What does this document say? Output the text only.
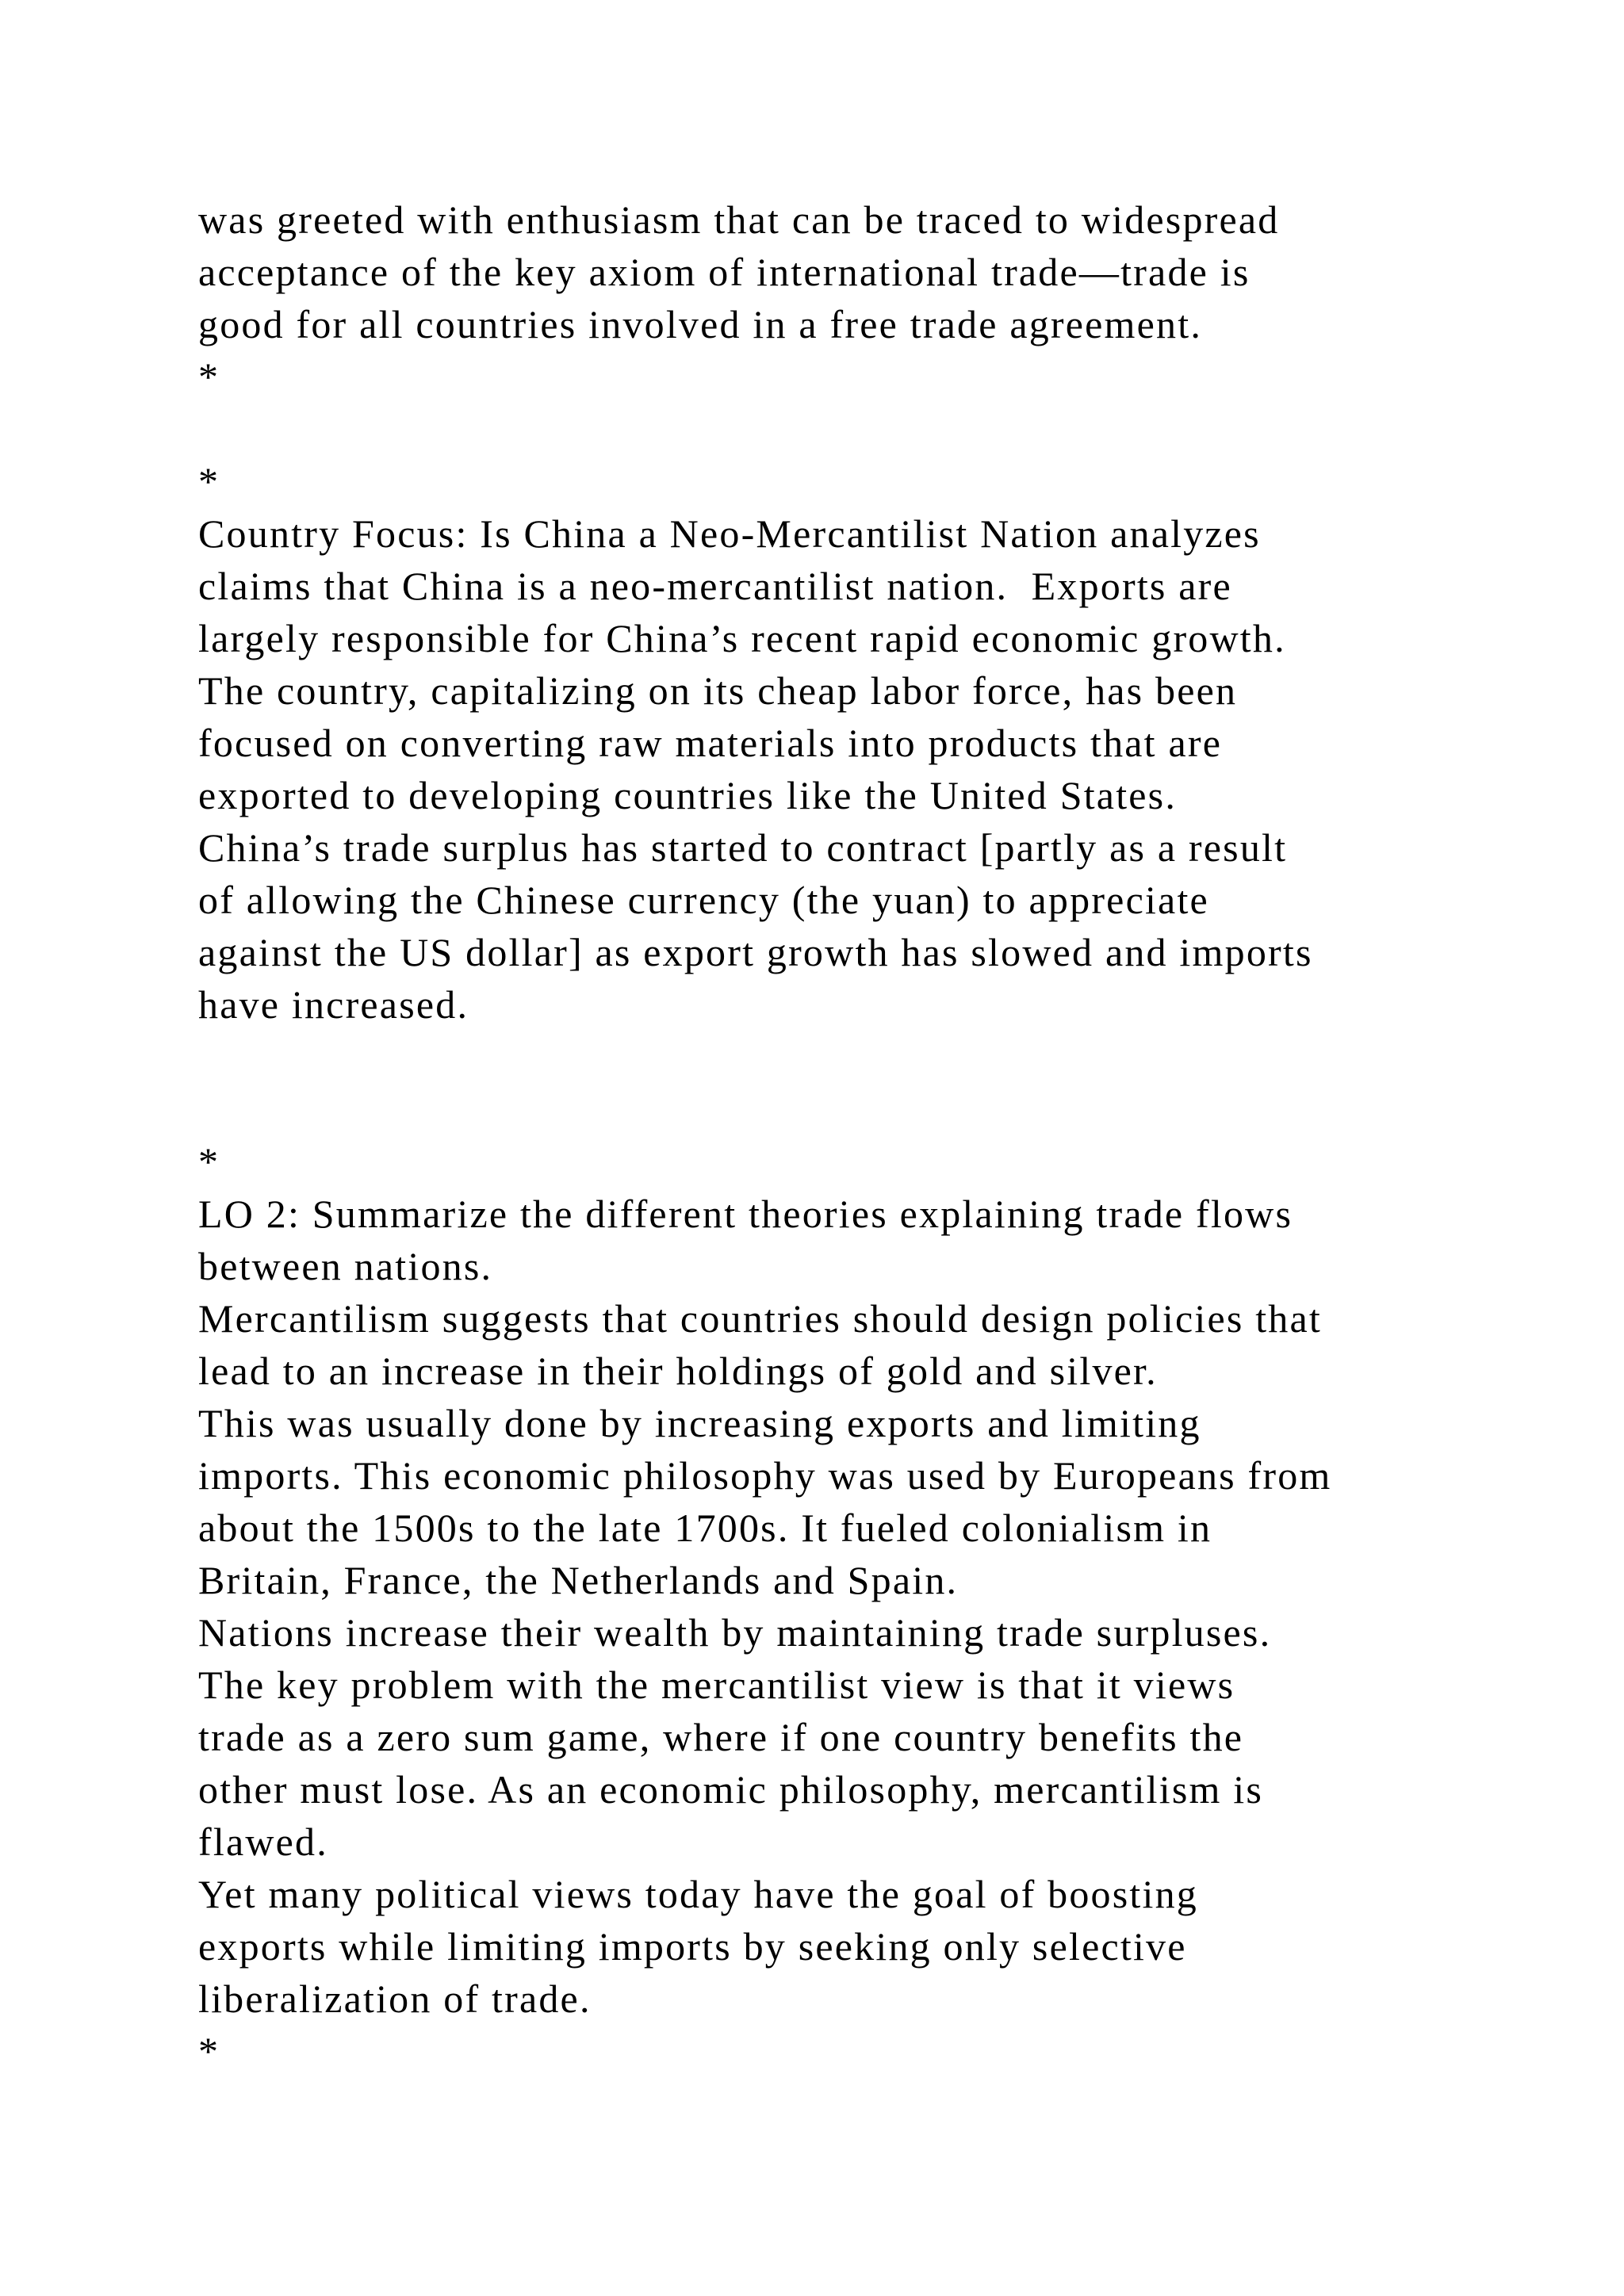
was greeted with enthusiasm that can be traced to widespread
acceptance of the key axiom of international trade—trade is
good for all countries involved in a free trade agreement.
*
*
Country Focus: Is China a Neo-Mercantilist Nation analyzes
claims that China is a neo-mercantilist nation.  Exports are
largely responsible for China’s recent rapid economic growth.
The country, capitalizing on its cheap labor force, has been
focused on converting raw materials into products that are
exported to developing countries like the United States.
China’s trade surplus has started to contract [partly as a result
of allowing the Chinese currency (the yuan) to appreciate
against the US dollar] as export growth has slowed and imports
have increased.
*
LO 2: Summarize the different theories explaining trade flows
between nations.
Mercantilism suggests that countries should design policies that
lead to an increase in their holdings of gold and silver.
This was usually done by increasing exports and limiting
imports. This economic philosophy was used by Europeans from
about the 1500s to the late 1700s. It fueled colonialism in
Britain, France, the Netherlands and Spain.
Nations increase their wealth by maintaining trade surpluses.
The key problem with the mercantilist view is that it views
trade as a zero sum game, where if one country benefits the
other must lose. As an economic philosophy, mercantilism is
flawed.
Yet many political views today have the goal of boosting
exports while limiting imports by seeking only selective
liberalization of trade.
*
